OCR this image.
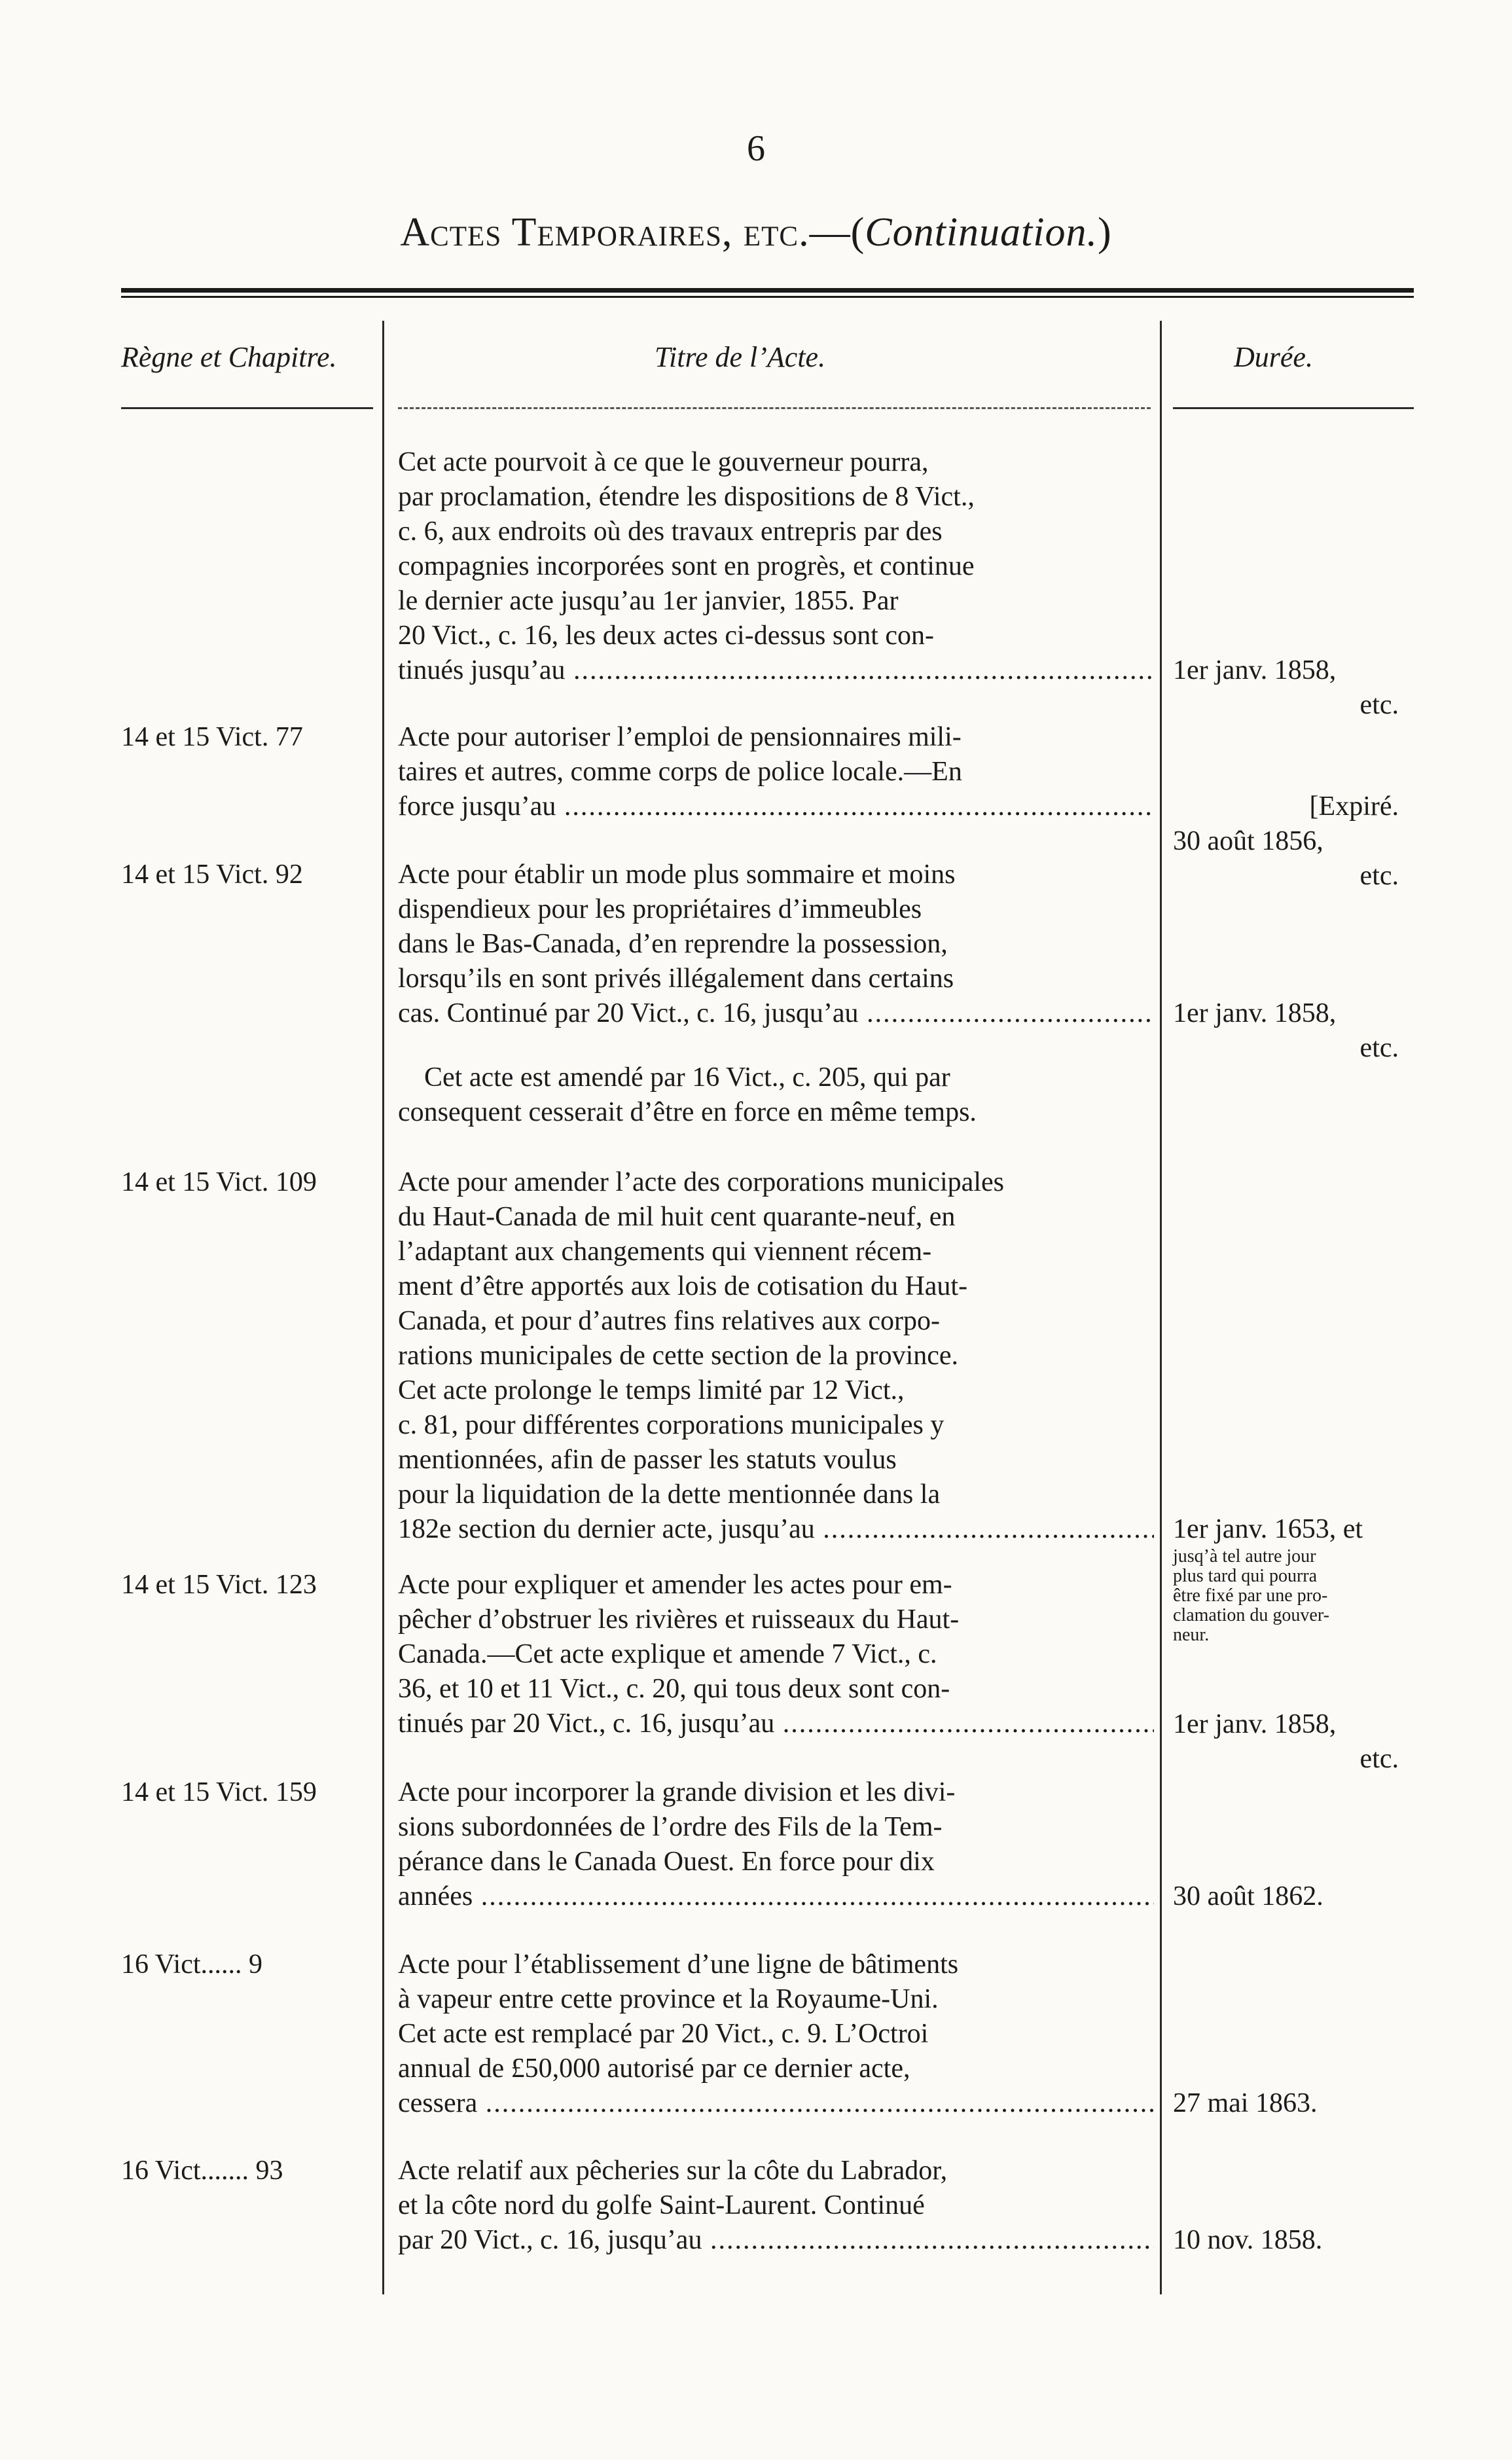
6
Actes Temporaires, etc.—(Continuation.)
Règne et Chapitre.	Titre de l’Acte.	Durée.
Cet acte pourvoit à ce que le gouverneur pourra,
par proclamation, étendre les dispositions de 8 Vict.,
c. 6, aux endroits où des travaux entrepris par des
compagnies incorporées sont en progrès, et continue
le dernier acte jusqu’au 1er janvier, 1855. Par
20 Vict., c. 16, les deux actes ci-dessus sont con-
tinués jusqu’au .....	1er janv. 1858,
etc.
14 et 15 Vict. 77	Acte pour autoriser l’emploi de pensionnaires mili-
taires et autres, comme corps de police locale.—En
force jusqu’au .....	[Expiré.
30 août 1856,
etc.
14 et 15 Vict. 92	Acte pour établir un mode plus sommaire et moins
dispendieux pour les propriétaires d’immeubles
dans le Bas-Canada, d’en reprendre la possession,
lorsqu’ils en sont privés illégalement dans certains
cas. Continué par 20 Vict., c. 16, jusqu’au .....	1er janv. 1858,
etc.
Cet acte est amendé par 16 Vict., c. 205, qui par
consequent cesserait d’être en force en même temps.
14 et 15 Vict. 109	Acte pour amender l’acte des corporations municipales
du Haut-Canada de mil huit cent quarante-neuf, en
l’adaptant aux changements qui viennent récem-
ment d’être apportés aux lois de cotisation du Haut-
Canada, et pour d’autres fins relatives aux corpo-
rations municipales de cette section de la province.
Cet acte prolonge le temps limité par 12 Vict.,
c. 81, pour différentes corporations municipales y
mentionnées, afin de passer les statuts voulus
pour la liquidation de la dette mentionnée dans la
182e section du dernier acte, jusqu’au .....	1er janv. 1653, et
jusq’à tel autre jour
plus tard qui pourra
être fixé par une pro-
clamation du gouver-
neur.
14 et 15 Vict. 123	Acte pour expliquer et amender les actes pour em-
pêcher d’obstruer les rivières et ruisseaux du Haut-
Canada.—Cet acte explique et amende 7 Vict., c.
36, et 10 et 11 Vict., c. 20, qui tous deux sont con-
tinués par 20 Vict., c. 16, jusqu’au .....	1er janv. 1858,
etc.
14 et 15 Vict. 159	Acte pour incorporer la grande division et les divi-
sions subordonnées de l’ordre des Fils de la Tem-
pérance dans le Canada Ouest. En force pour dix
années .....	30 août 1862.
16 Vict...... 9	Acte pour l’établissement d’une ligne de bâtiments
à vapeur entre cette province et la Royaume-Uni.
Cet acte est remplacé par 20 Vict., c. 9. L’Octroi
annual de £50,000 autorisé par ce dernier acte,
cessera .....	27 mai 1863.
16 Vict....... 93	Acte relatif aux pêcheries sur la côte du Labrador,
et la côte nord du golfe Saint-Laurent. Continué
par 20 Vict., c. 16, jusqu’au .....	10 nov. 1858.
